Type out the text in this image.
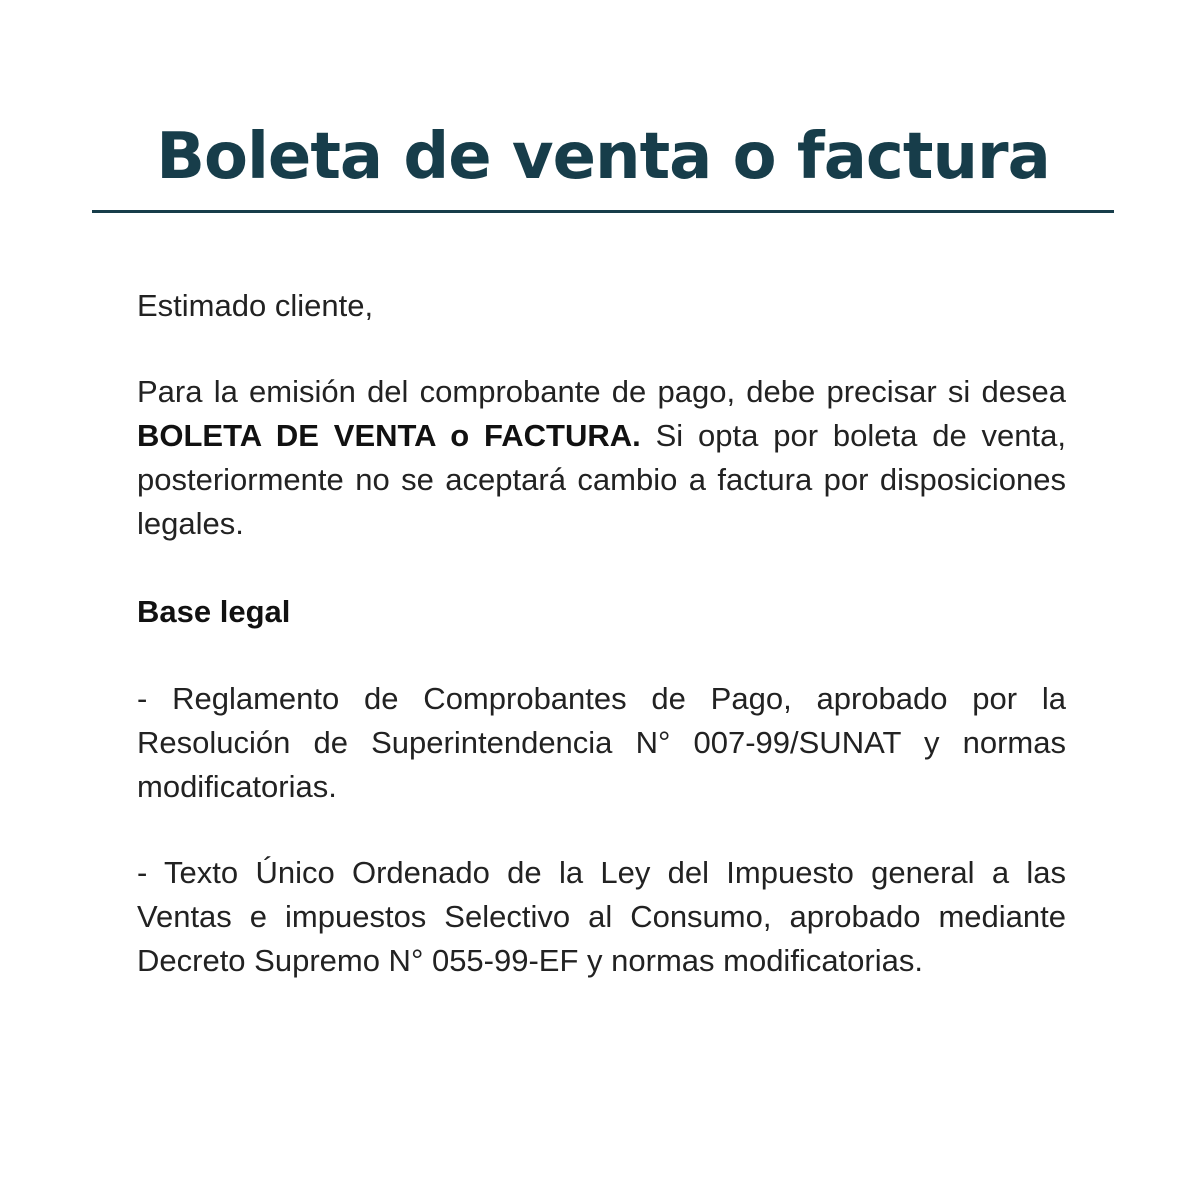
Boleta de venta o factura

Estimado cliente,

Para la emisión del comprobante de pago, debe precisar si desea BOLETA DE VENTA o FACTURA. Si opta por boleta de venta, posteriormente no se aceptará cambio a factura por disposiciones legales.

Base legal

- Reglamento de Comprobantes de Pago, aprobado por la Resolución de Superintendencia N° 007-99/SUNAT y normas modificatorias.

- Texto Único Ordenado de la Ley del Impuesto general a las Ventas e impuestos Selectivo al Consumo, aprobado mediante Decreto Supremo N° 055-99-EF y normas modificatorias.
